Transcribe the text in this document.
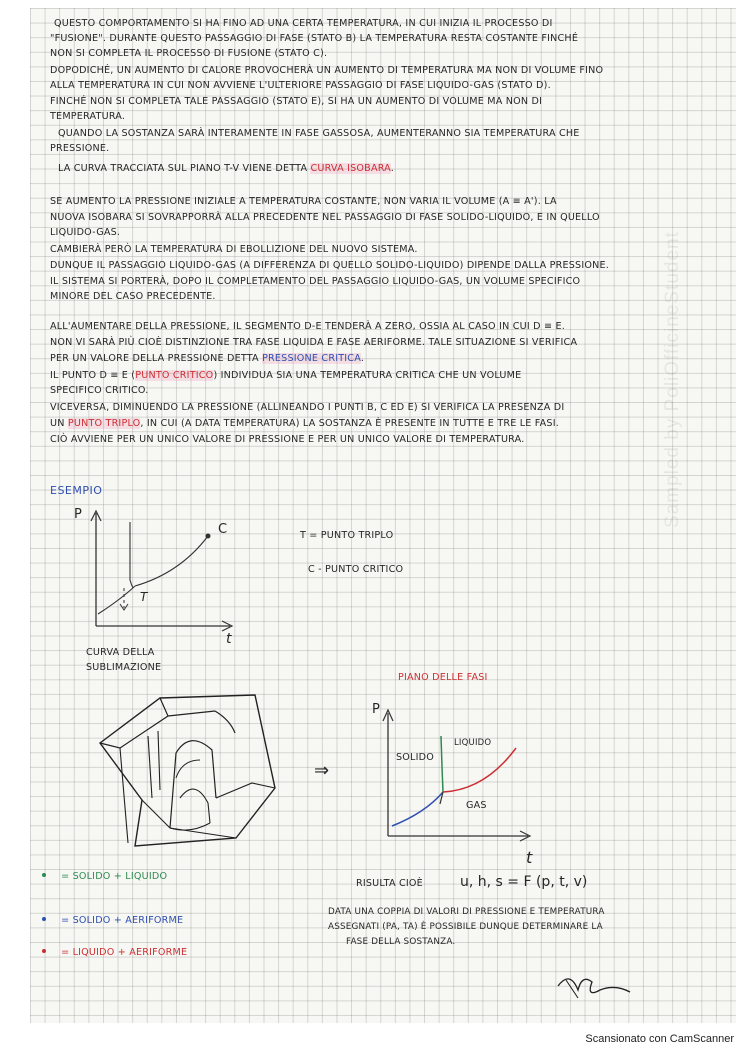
QUESTO COMPORTAMENTO SI HA FINO AD UNA CERTA TEMPERATURA, IN CUI INIZIA IL PROCESSO DI

"FUSIONE". DURANTE QUESTO PASSAGGIO DI FASE (STATO B) LA TEMPERATURA RESTA COSTANTE FINCHÉ

NON SI COMPLETA IL PROCESSO DI FUSIONE (STATO C).

DOPODICHÉ, UN AUMENTO DI CALORE PROVOCHERÀ UN AUMENTO DI TEMPERATURA MA NON DI VOLUME FINO

ALLA TEMPERATURA IN CUI NON AVVIENE L'ULTERIORE PASSAGGIO DI FASE LIQUIDO-GAS (STATO D).

FINCHÉ NON SI COMPLETA TALE PASSAGGIO (STATO E), SI HA UN AUMENTO DI VOLUME MA NON DI

TEMPERATURA.

QUANDO LA SOSTANZA SARÀ INTERAMENTE IN FASE GASSOSA, AUMENTERANNO SIA TEMPERATURA CHE

PRESSIONE.

LA CURVA TRACCIATA SUL PIANO T-V VIENE DETTA CURVA ISOBARA.

SE AUMENTO LA PRESSIONE INIZIALE A TEMPERATURA COSTANTE, NON VARIA IL VOLUME (A ≡ A'). LA

NUOVA ISOBARA SI SOVRAPPORRÀ ALLA PRECEDENTE NEL PASSAGGIO DI FASE SOLIDO-LIQUIDO, E IN QUELLO

LIQUIDO-GAS.

CAMBIERÀ PERÒ LA TEMPERATURA DI EBOLLIZIONE DEL NUOVO SISTEMA.

DUNQUE IL PASSAGGIO LIQUIDO-GAS (A DIFFERENZA DI QUELLO SOLIDO-LIQUIDO) DIPENDE DALLA PRESSIONE.

IL SISTEMA SI PORTERÀ, DOPO IL COMPLETAMENTO DEL PASSAGGIO LIQUIDO-GAS, UN VOLUME SPECIFICO

MINORE DEL CASO PRECEDENTE.

ALL'AUMENTARE DELLA PRESSIONE, IL SEGMENTO D-E TENDERÀ A ZERO, OSSIA AL CASO IN CUI D ≡ E.

NON VI SARÀ PIÙ CIOÈ DISTINZIONE TRA FASE LIQUIDA E FASE AERIFORME. TALE SITUAZIONE SI VERIFICA

PER UN VALORE DELLA PRESSIONE DETTA PRESSIONE CRITICA.

IL PUNTO D ≡ E (PUNTO CRITICO) INDIVIDUA SIA UNA TEMPERATURA CRITICA CHE UN VOLUME

SPECIFICO CRITICO.

VICEVERSA, DIMINUENDO LA PRESSIONE (ALLINEANDO I PUNTI B, C ED E) SI VERIFICA LA PRESENZA DI

UN PUNTO TRIPLO, IN CUI (A DATA TEMPERATURA) LA SOSTANZA È PRESENTE IN TUTTE E TRE LE FASI.

CIÒ AVVIENE PER UN UNICO VALORE DI PRESSIONE E PER UN UNICO VALORE DI TEMPERATURA.

ESEMPIO

P

C

T

t

T = PUNTO TRIPLO

C - PUNTO CRITICO

CURVA DELLA

SUBLIMAZIONE

⇒

PIANO DELLE FASI

P

t

SOLIDO

LIQUIDO

GAS

= SOLIDO + LIQUIDO
= SOLIDO + AERIFORME
= LIQUIDO + AERIFORME

RISULTA CIOÈ	u, h, s = F (p, t, v)

DATA UNA COPPIA DI VALORI DI PRESSIONE E TEMPERATURA

ASSEGNATI (PA, TA) È POSSIBILE DUNQUE DETERMINARE LA

FASE DELLA SOSTANZA.

Sampled by PoliOfficineStudent
Scansionato con CamScanner
